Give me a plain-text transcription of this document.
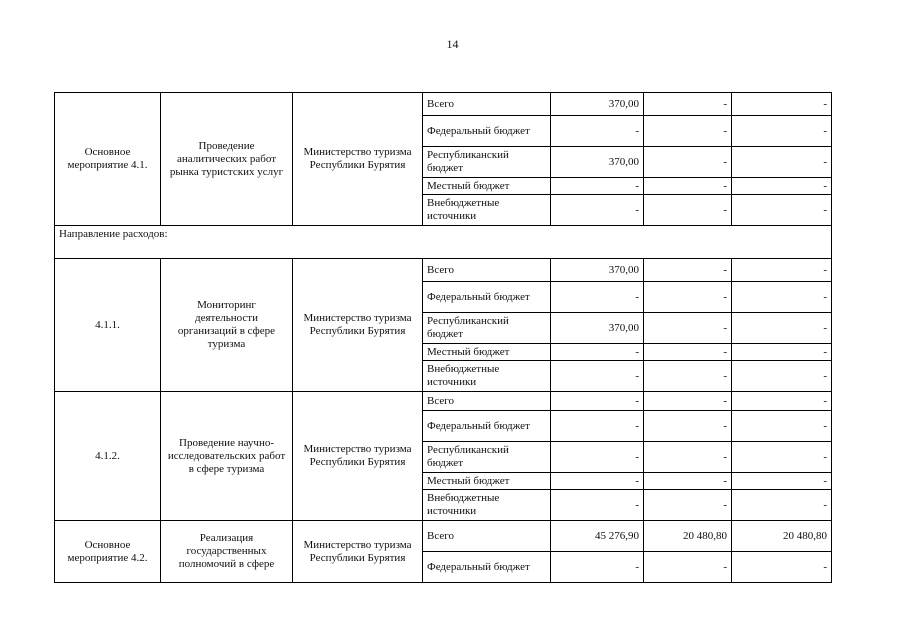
14
Основное мероприятие 4.1.	Проведение аналитических работ рынка туристских услуг	Министерство туризма Республики Бурятия	Всего	370,00	-	-
			Федеральный бюджет	-	-	-
			Республиканский бюджет	370,00	-	-
			Местный бюджет	-	-	-
			Внебюджетные источники	-	-	-
Направление расходов:						
4.1.1.	Мониторинг деятельности организаций в сфере туризма	Министерство туризма Республики Бурятия	Всего	370,00	-	-
			Федеральный бюджет	-	-	-
			Республиканский бюджет	370,00	-	-
			Местный бюджет	-	-	-
			Внебюджетные источники	-	-	-
4.1.2.	Проведение научно-исследовательских работ в сфере туризма	Министерство туризма Республики Бурятия	Всего	-	-	-
			Федеральный бюджет	-	-	-
			Республиканский бюджет	-	-	-
			Местный бюджет	-	-	-
			Внебюджетные источники	-	-	-
Основное мероприятие 4.2.	Реализация государственных полномочий в сфере	Министерство туризма Республики Бурятия	Всего	45 276,90	20 480,80	20 480,80
			Федеральный бюджет	-	-	-
